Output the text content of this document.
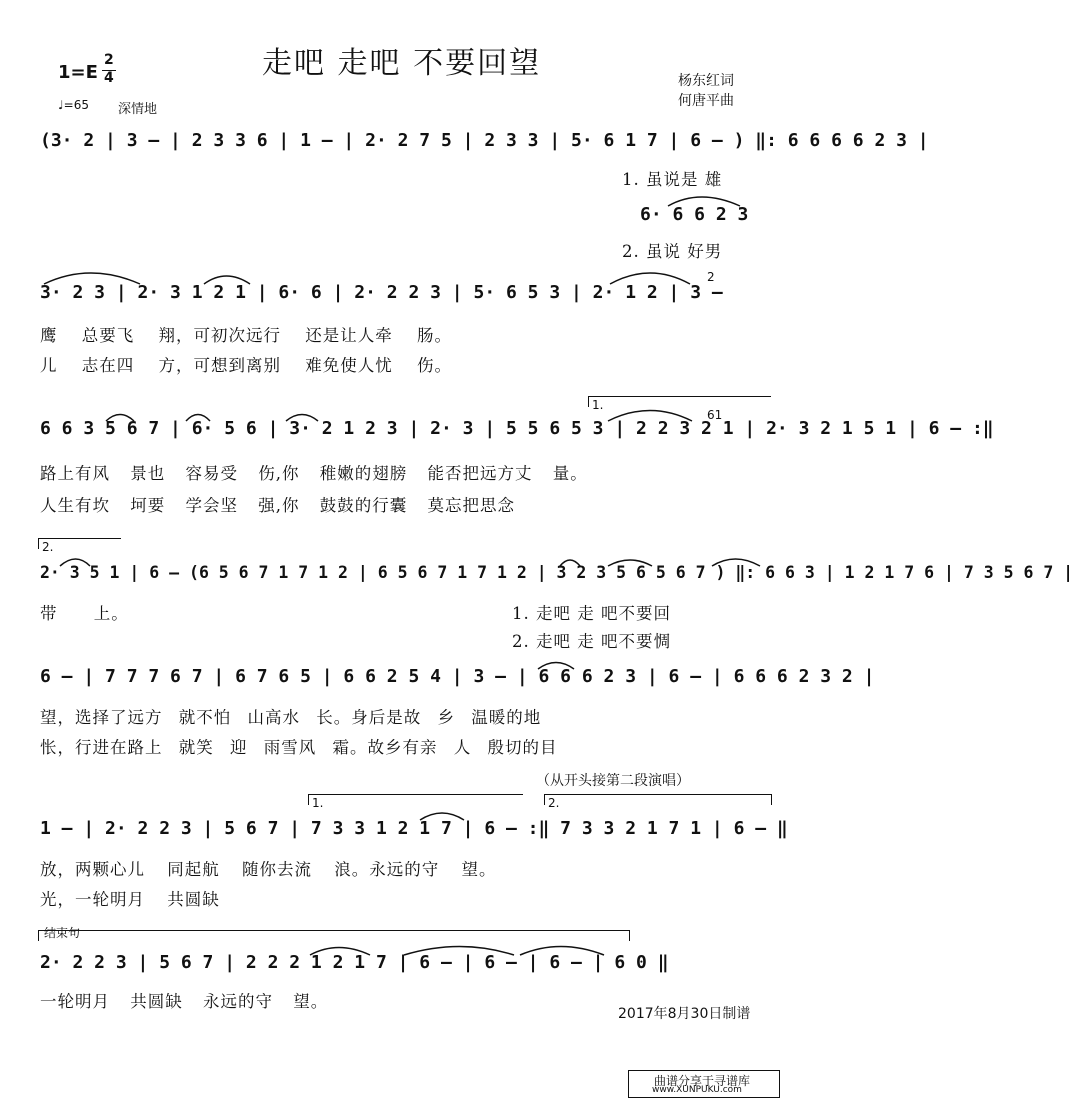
走吧 走吧 不要回望
1=E
2
4
♩=65 深情地
杨东红词
何唐平曲
(3· 2 | 3 – | 2 3 3 6 | 1 – | 2· 2 7 5 | 2 3 3 | 5· 6 1 7 | 6 – ) ‖: 6 6 6 6 2 3 |
1. 虽说是 雄
6· 6 6 2 3
2. 虽说 好男
3· 2 3 | 2· 3 1 2 1 | 6· 6 | 2· 2 2 3 | 5· 6 5 3 | 2· 1 2 | 3 –
2
鹰 总要飞 翔，可初次远行 还是让人牵 肠。
儿 志在四 方，可想到离别 难免使人忧 伤。
1.
61
6 6 3 5 6 7 | 6· 5 6 | 3· 2 1 2 3 | 2· 3 | 5 5 6 5 3 | 2 2 3 2 1 | 2· 3 2 1 5 1 | 6 – :‖
路上有风 景也 容易受 伤,你 稚嫩的翅膀 能否把远方丈 量。
人生有坎 坷要 学会坚 强,你 鼓鼓的行囊 莫忘把思念
2.
2· 3 5 1 | 6 – (6 5 6 7 1 7 1 2 | 6 5 6 7 1 7 1 2 | 3 2 3 5 6 5 6 7 ) ‖: 6 6 3 | 1 2 1 7 6 | 7 3 5 6 7 |
带 上。	1. 走吧 走 吧不要回
2. 走吧 走 吧不要惆
6 – | 7 7 7 6 7 | 6 7 6 5 | 6 6 2 5 4 | 3 – | 6 6 6 2 3 | 6 – | 6 6 6 2 3 2 |
望，选择了远方 就不怕 山高水 长。身后是故 乡 温暖的地
怅，行进在路上 就笑 迎 雨雪风 霜。故乡有亲 人 殷切的目
（从开头接第二段演唱）
1.	2.
1 – | 2· 2 2 3 | 5 6 7 | 7 3 3 1 2 1 7 | 6 – :‖ 7 3 3 2 1 7 1 | 6 – ‖
放，两颗心儿 同起航 随你去流 浪。永远的守 望。
光，一轮明月 共圆缺
结束句
2· 2 2 3 | 5 6 7 | 2 2 2 1 2 1 7 | 6 – | 6 – | 6 – | 6 0 ‖
一轮明月 共圆缺 永远的守 望。
2017年8月30日制谱
曲谱分享于寻谱库
www.XUNPUKU.com
